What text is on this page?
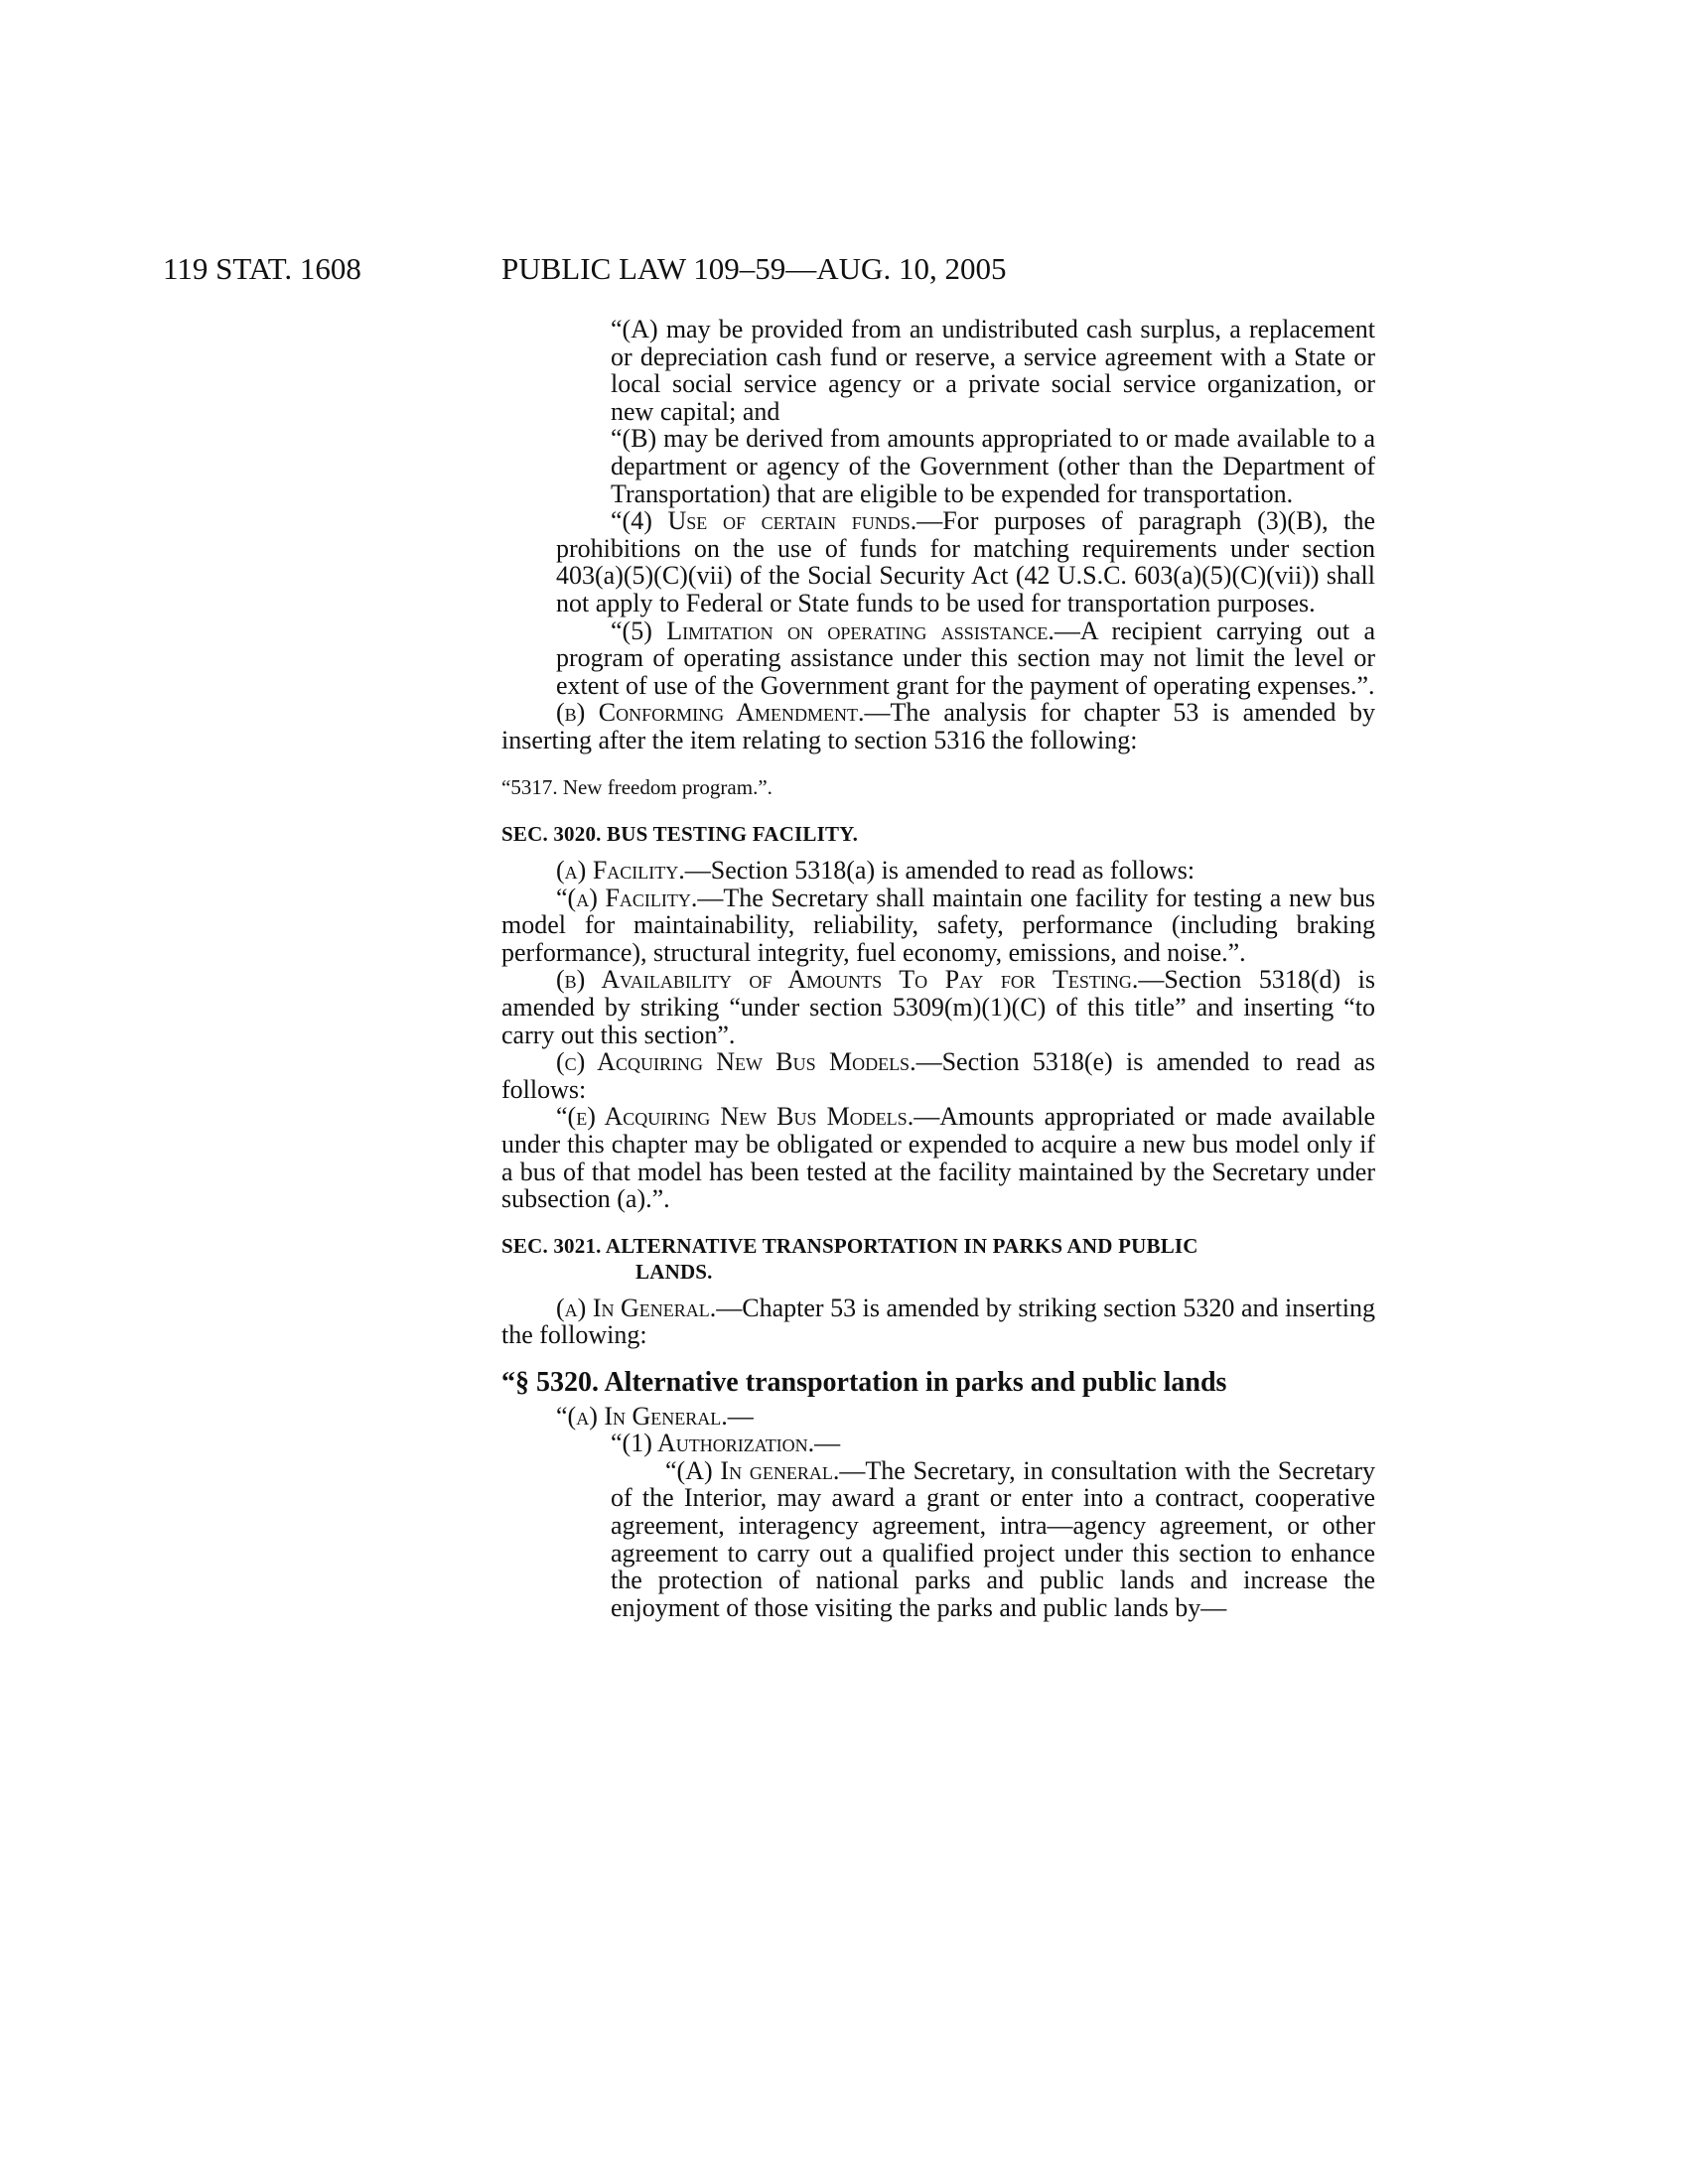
119 STAT. 1608	PUBLIC LAW 109–59—AUG. 10, 2005

“(A) may be provided from an undistributed cash surplus, a replacement or depreciation cash fund or reserve, a service agreement with a State or local social service agency or a private social service organization, or new capital; and

“(B) may be derived from amounts appropriated to or made available to a department or agency of the Government (other than the Department of Transportation) that are eligible to be expended for transportation.

“(4) Use of certain funds.—For purposes of paragraph (3)(B), the prohibitions on the use of funds for matching requirements under section 403(a)(5)(C)(vii) of the Social Security Act (42 U.S.C. 603(a)(5)(C)(vii)) shall not apply to Federal or State funds to be used for transportation purposes.

“(5) Limitation on operating assistance.—A recipient carrying out a program of operating assistance under this section may not limit the level or extent of use of the Government grant for the payment of operating expenses.”.

(b) Conforming Amendment.—The analysis for chapter 53 is amended by inserting after the item relating to section 5316 the following:

“5317. New freedom program.”.

SEC. 3020. BUS TESTING FACILITY.

(a) Facility.—Section 5318(a) is amended to read as follows:

“(a) Facility.—The Secretary shall maintain one facility for testing a new bus model for maintainability, reliability, safety, performance (including braking performance), structural integrity, fuel economy, emissions, and noise.”.

(b) Availability of Amounts To Pay for Testing.—Section 5318(d) is amended by striking “under section 5309(m)(1)(C) of this title” and inserting “to carry out this section”.

(c) Acquiring New Bus Models.—Section 5318(e) is amended to read as follows:

“(e) Acquiring New Bus Models.—Amounts appropriated or made available under this chapter may be obligated or expended to acquire a new bus model only if a bus of that model has been tested at the facility maintained by the Secretary under subsection (a).”.

SEC. 3021. ALTERNATIVE TRANSPORTATION IN PARKS AND PUBLIC
LANDS.

(a) In General.—Chapter 53 is amended by striking section 5320 and inserting the following:

“§ 5320. Alternative transportation in parks and public lands

“(a) In General.—

“(1) Authorization.—

“(A) In general.—The Secretary, in consultation with the Secretary of the Interior, may award a grant or enter into a contract, cooperative agreement, interagency agreement, intra—agency agreement, or other agreement to carry out a qualified project under this section to enhance the protection of national parks and public lands and increase the enjoyment of those visiting the parks and public lands by—
